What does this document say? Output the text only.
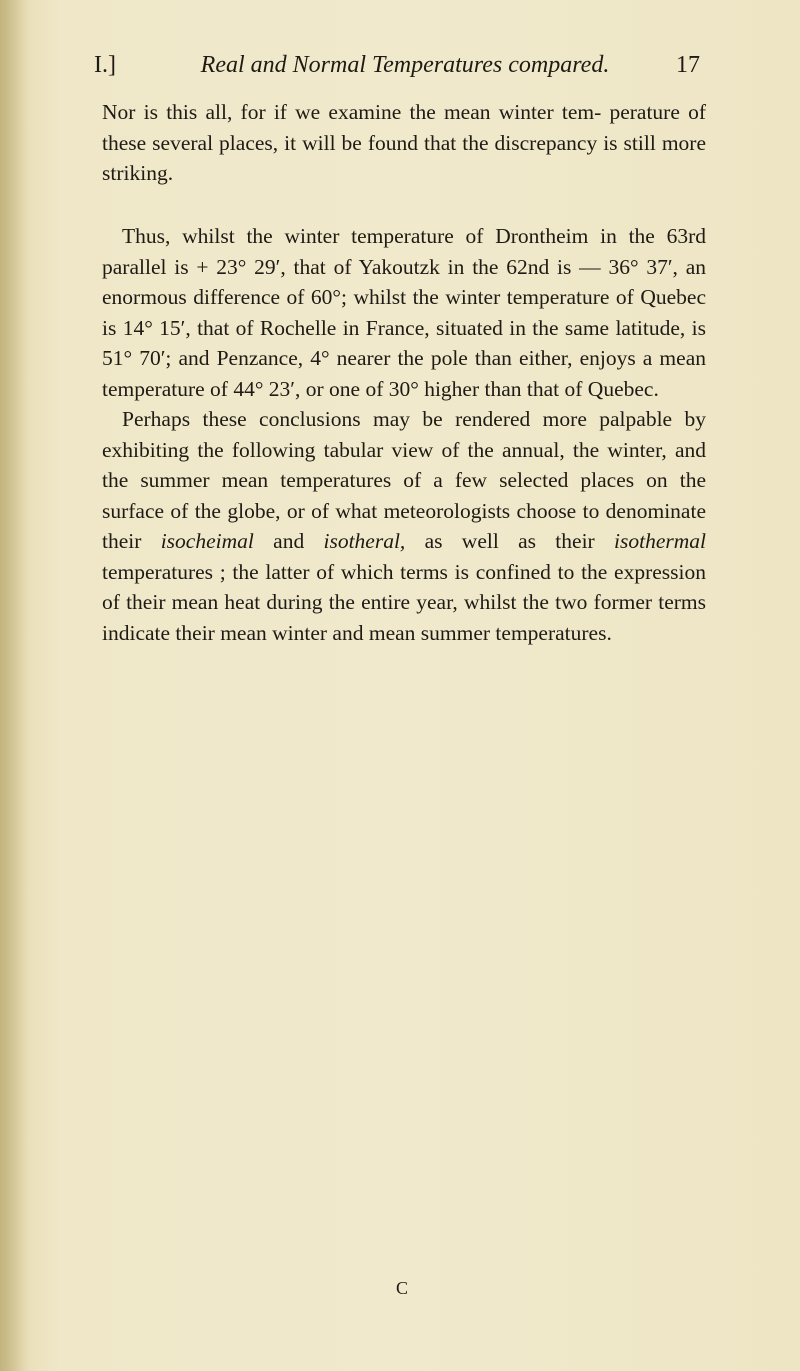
I.]	Real and Normal Temperatures compared.	17

Nor is this all, for if we examine the mean winter tem- perature of these several places, it will be found that the discrepancy is still more striking.

Thus, whilst the winter temperature of Drontheim in the 63rd parallel is + 23° 29′, that of Yakoutzk in the 62nd is — 36° 37′, an enormous difference of 60°; whilst the winter temperature of Quebec is 14° 15′, that of Rochelle in France, situated in the same latitude, is 51° 70′; and Penzance, 4° nearer the pole than either, enjoys a mean temperature of 44° 23′, or one of 30° higher than that of Quebec.

Perhaps these conclusions may be rendered more palpable by exhibiting the following tabular view of the annual, the winter, and the summer mean temperatures of a few selected places on the surface of the globe, or of what meteorologists choose to denominate their isocheimal and isotheral, as well as their isothermal temperatures ; the latter of which terms is confined to the expression of their mean heat during the entire year, whilst the two former terms indicate their mean winter and mean summer temperatures.

C
